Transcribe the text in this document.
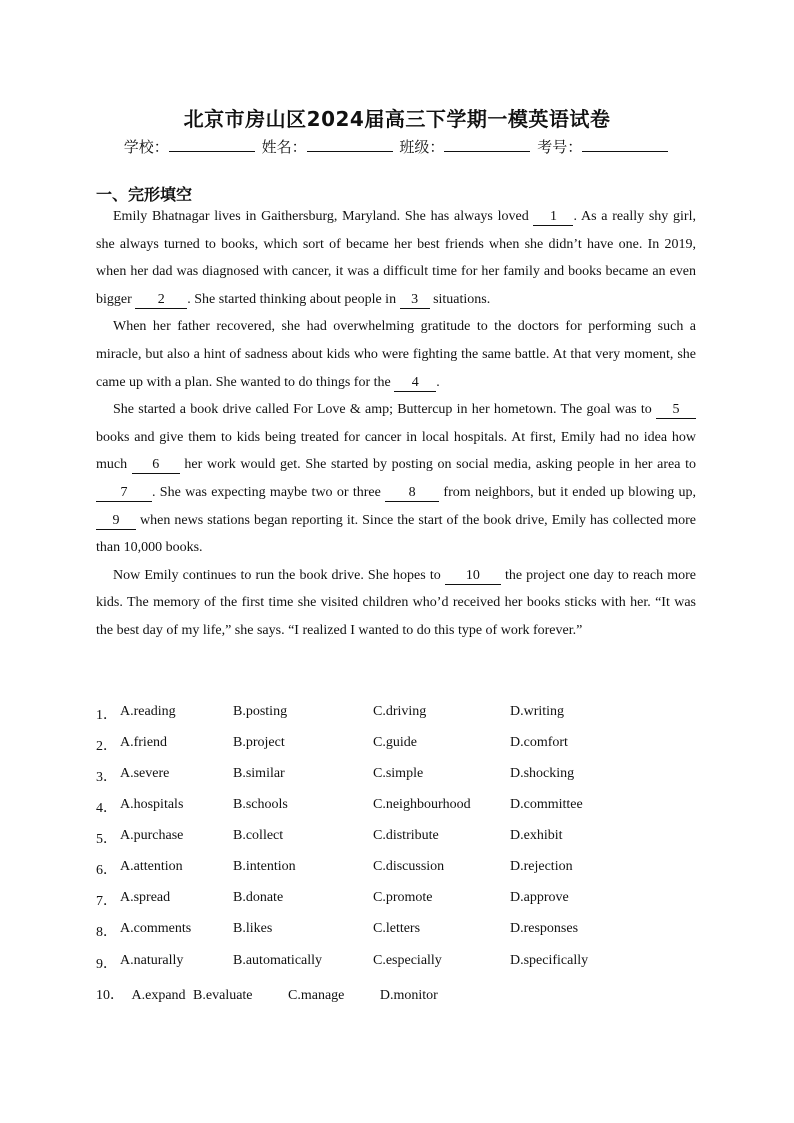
北京市房山区2024届高三下学期一模英语试卷
学校：	姓名：	班级：	考号：
一、完形填空

Emily Bhatnagar lives in Gaithersburg, Maryland. She has always loved 1 . As a really shy girl, she always turned to books, which sort of became her best friends when she didn’t have one. In 2019, when her dad was diagnosed with cancer, it was a difficult time for her family and books became an even bigger 2 . She started thinking about people in 3 situations.

When her father recovered, she had overwhelming gratitude to the doctors for performing such a miracle, but also a hint of sadness about kids who were fighting the same battle. At that very moment, she came up with a plan. She wanted to do things for the 4 .

She started a book drive called For Love & amp; Buttercup in her hometown. The goal was to 5 books and give them to kids being treated for cancer in local hospitals. At first, Emily had no idea how much 6 her work would get. She started by posting on social media, asking people in her area to 7 . She was expecting maybe two or three 8 from neighbors, but it ended up blowing up, 9 when news stations began reporting it. Since the start of the book drive, Emily has collected more than 10,000 books.

Now Emily continues to run the book drive. She hopes to 10 the project one day to reach more kids. The memory of the first time she visited children who’d received her books sticks with her. “It was the best day of my life,” she says. “I realized I wanted to do this type of work forever.”

1． A.reading	B.posting	C.driving	D.writing
2． A.friend	B.project	C.guide	D.comfort
3． A.severe	B.similar	C.simple	D.shocking
4． A.hospitals	B.schools	C.neighbourhood	D.committee
5． A.purchase	B.collect	C.distribute	D.exhibit
6． A.attention	B.intention	C.discussion	D.rejection
7． A.spread	B.donate	C.promote	D.approve
8． A.comments	B.likes	C.letters	D.responses
9． A.naturally	B.automatically	C.especially	D.specifically
10． A.expand B.evaluate	C.manage	D.monitor
